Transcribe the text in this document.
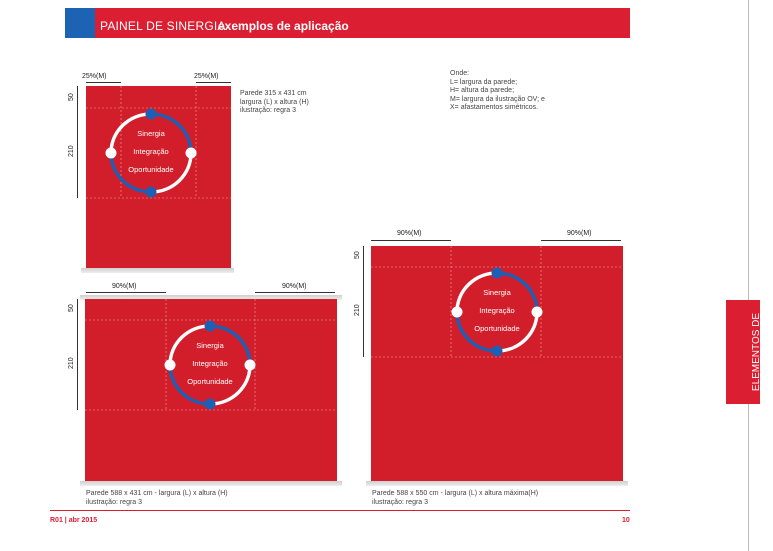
PAINEL DE SINERGIA
exemplos de aplicação
ELEMENTOS DE COMUNICAÇÃO
Onde:
L= largura da parede;
H= altura da parede;
M= largura da ilustração OV; e
X= afastamentos simétricos.
25%(M)	25%(M)
50
210
Sinergia
Integração
Oportunidade
Parede 315 x 431 cm
largura (L) x altura (H)
ilustração: regra 3
90%(M)	90%(M)
50
210
Sinergia
Integração
Oportunidade
Parede 588 x 431 cm - largura (L) x altura (H)
ilustração: regra 3
90%(M)	90%(M)
50
210
Sinergia
Integração
Oportunidade
Parede 588 x 550 cm - largura (L) x altura máxima(H)
ilustração: regra 3
R01 | abr 2015	10
